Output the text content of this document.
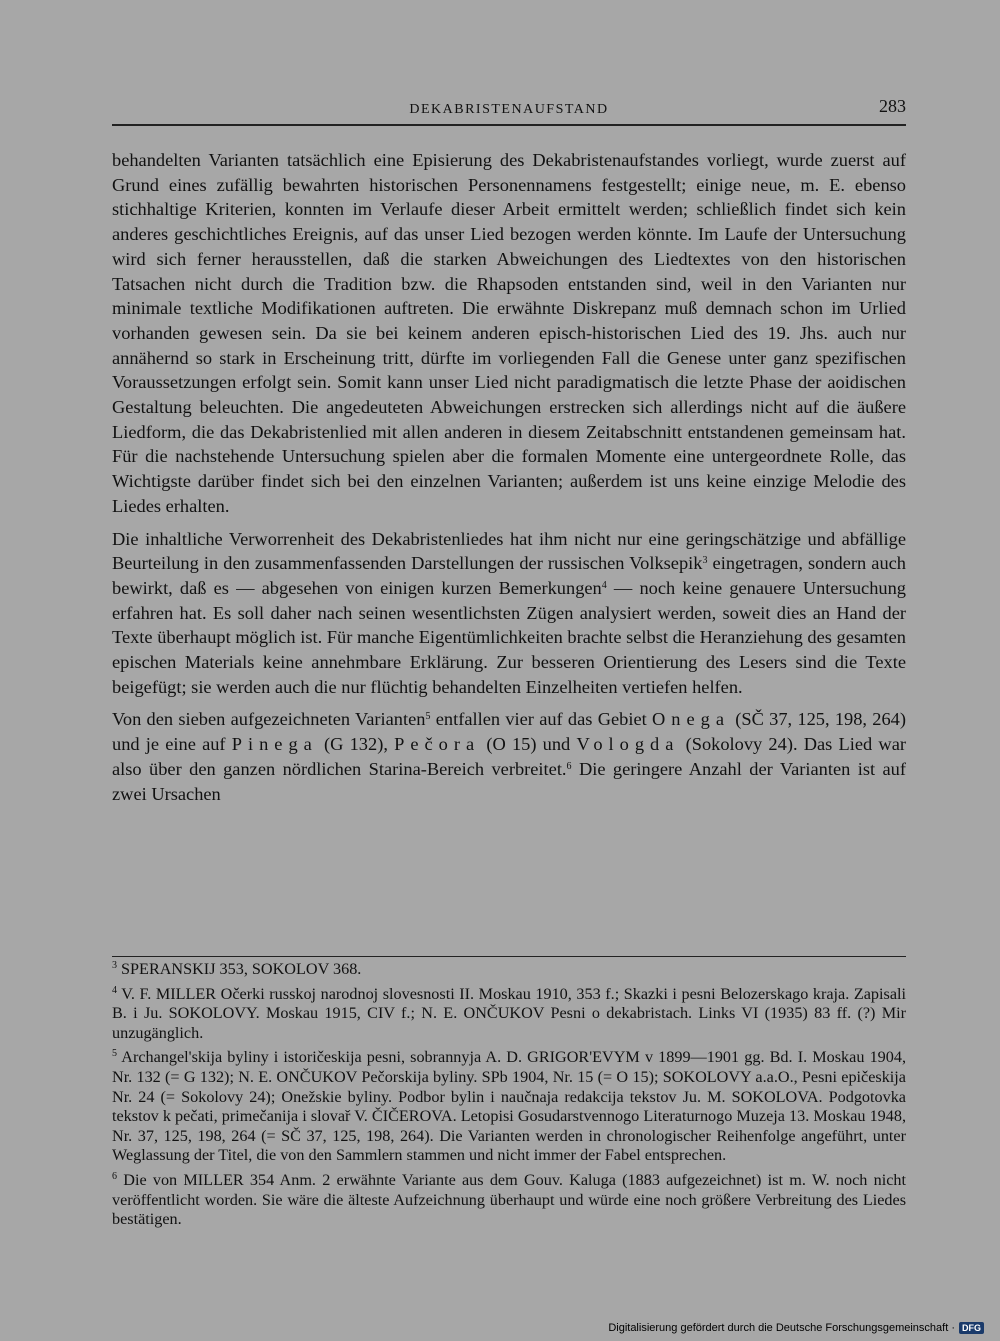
DEKABRISTENAUFSTAND	283

behandelten Varianten tatsächlich eine Episierung des Dekabristenaufstandes vorliegt, wurde zuerst auf Grund eines zufällig bewahrten historischen Personennamens festgestellt; einige neue, m. E. ebenso stichhaltige Kriterien, konnten im Verlaufe dieser Arbeit ermittelt werden; schließlich findet sich kein anderes geschichtliches Ereignis, auf das unser Lied bezogen werden könnte. Im Laufe der Untersuchung wird sich ferner herausstellen, daß die starken Abweichungen des Liedtextes von den historischen Tatsachen nicht durch die Tradition bzw. die Rhapsoden entstanden sind, weil in den Varianten nur minimale textliche Modifikationen auftreten. Die erwähnte Diskrepanz muß demnach schon im Urlied vorhanden gewesen sein. Da sie bei keinem anderen episch-historischen Lied des 19. Jhs. auch nur annähernd so stark in Erscheinung tritt, dürfte im vorliegenden Fall die Genese unter ganz spezifischen Voraussetzungen erfolgt sein. Somit kann unser Lied nicht paradigmatisch die letzte Phase der aoidischen Gestaltung beleuchten. Die angedeuteten Abweichungen erstrecken sich allerdings nicht auf die äußere Liedform, die das Dekabristenlied mit allen anderen in diesem Zeitabschnitt entstandenen gemeinsam hat. Für die nachstehende Untersuchung spielen aber die formalen Momente eine untergeordnete Rolle, das Wichtigste darüber findet sich bei den einzelnen Varianten; außerdem ist uns keine einzige Melodie des Liedes erhalten.

Die inhaltliche Verworrenheit des Dekabristenliedes hat ihm nicht nur eine geringschätzige und abfällige Beurteilung in den zusammenfassenden Darstellungen der russischen Volksepik$^3$ eingetragen, sondern auch bewirkt, daß es — abgesehen von einigen kurzen Bemerkungen$^4$ — noch keine genauere Untersuchung erfahren hat. Es soll daher nach seinen wesentlichsten Zügen analysiert werden, soweit dies an Hand der Texte überhaupt möglich ist. Für manche Eigentümlichkeiten brachte selbst die Heranziehung des gesamten epischen Materials keine annehmbare Erklärung. Zur besseren Orientierung des Lesers sind die Texte beigefügt; sie werden auch die nur flüchtig behandelten Einzelheiten vertiefen helfen.

Von den sieben aufgezeichneten Varianten$^5$ entfallen vier auf das Gebiet Onega (SČ 37, 125, 198, 264) und je eine auf Pinega (G 132), Pečora (O 15) und Vologda (Sokolovy 24). Das Lied war also über den ganzen nördlichen Starina-Bereich verbreitet.$^6$ Die geringere Anzahl der Varianten ist auf zwei Ursachen

$^3$ SPERANSKIJ 353, SOKOLOV 368.
$^4$ V. F. MILLER Očerki russkoj narodnoj slovesnosti II. Moskau 1910, 353 f.; Skazki i pesni Belozerskago kraja. Zapisali B. i Ju. SOKOLOVY. Moskau 1915, CIV f.; N. E. ONČUKOV Pesni o dekabristach. Links VI (1935) 83 ff. (?) Mir unzugänglich.
$^5$ Archangel'skija byliny i istoričeskija pesni, sobrannyja A. D. GRIGOR'EVYM v 1899—1901 gg. Bd. I. Moskau 1904, Nr. 132 (= G 132); N. E. ONČUKOV Pečorskija byliny. SPb 1904, Nr. 15 (= O 15); SOKOLOVY a.a.O., Pesni epičeskija Nr. 24 (= Sokolovy 24); Onežskie byliny. Podbor bylin i naučnaja redakcija tekstov Ju. M. SOKOLOVA. Podgotovka tekstov k pečati, primečanija i slovař V. ČIČEROVA. Letopisi Gosudarstvennogo Literaturnogo Muzeja 13. Moskau 1948, Nr. 37, 125, 198, 264 (= SČ 37, 125, 198, 264). Die Varianten werden in chronologischer Reihenfolge angeführt, unter Weglassung der Titel, die von den Sammlern stammen und nicht immer der Fabel entsprechen.
$^6$ Die von MILLER 354 Anm. 2 erwähnte Variante aus dem Gouv. Kaluga (1883 aufgezeichnet) ist m. W. noch nicht veröffentlicht worden. Sie wäre die älteste Aufzeichnung überhaupt und würde eine noch größere Verbreitung des Liedes bestätigen.
Digitalisierung gefördert durch die Deutsche Forschungsgemeinschaft · DFG
